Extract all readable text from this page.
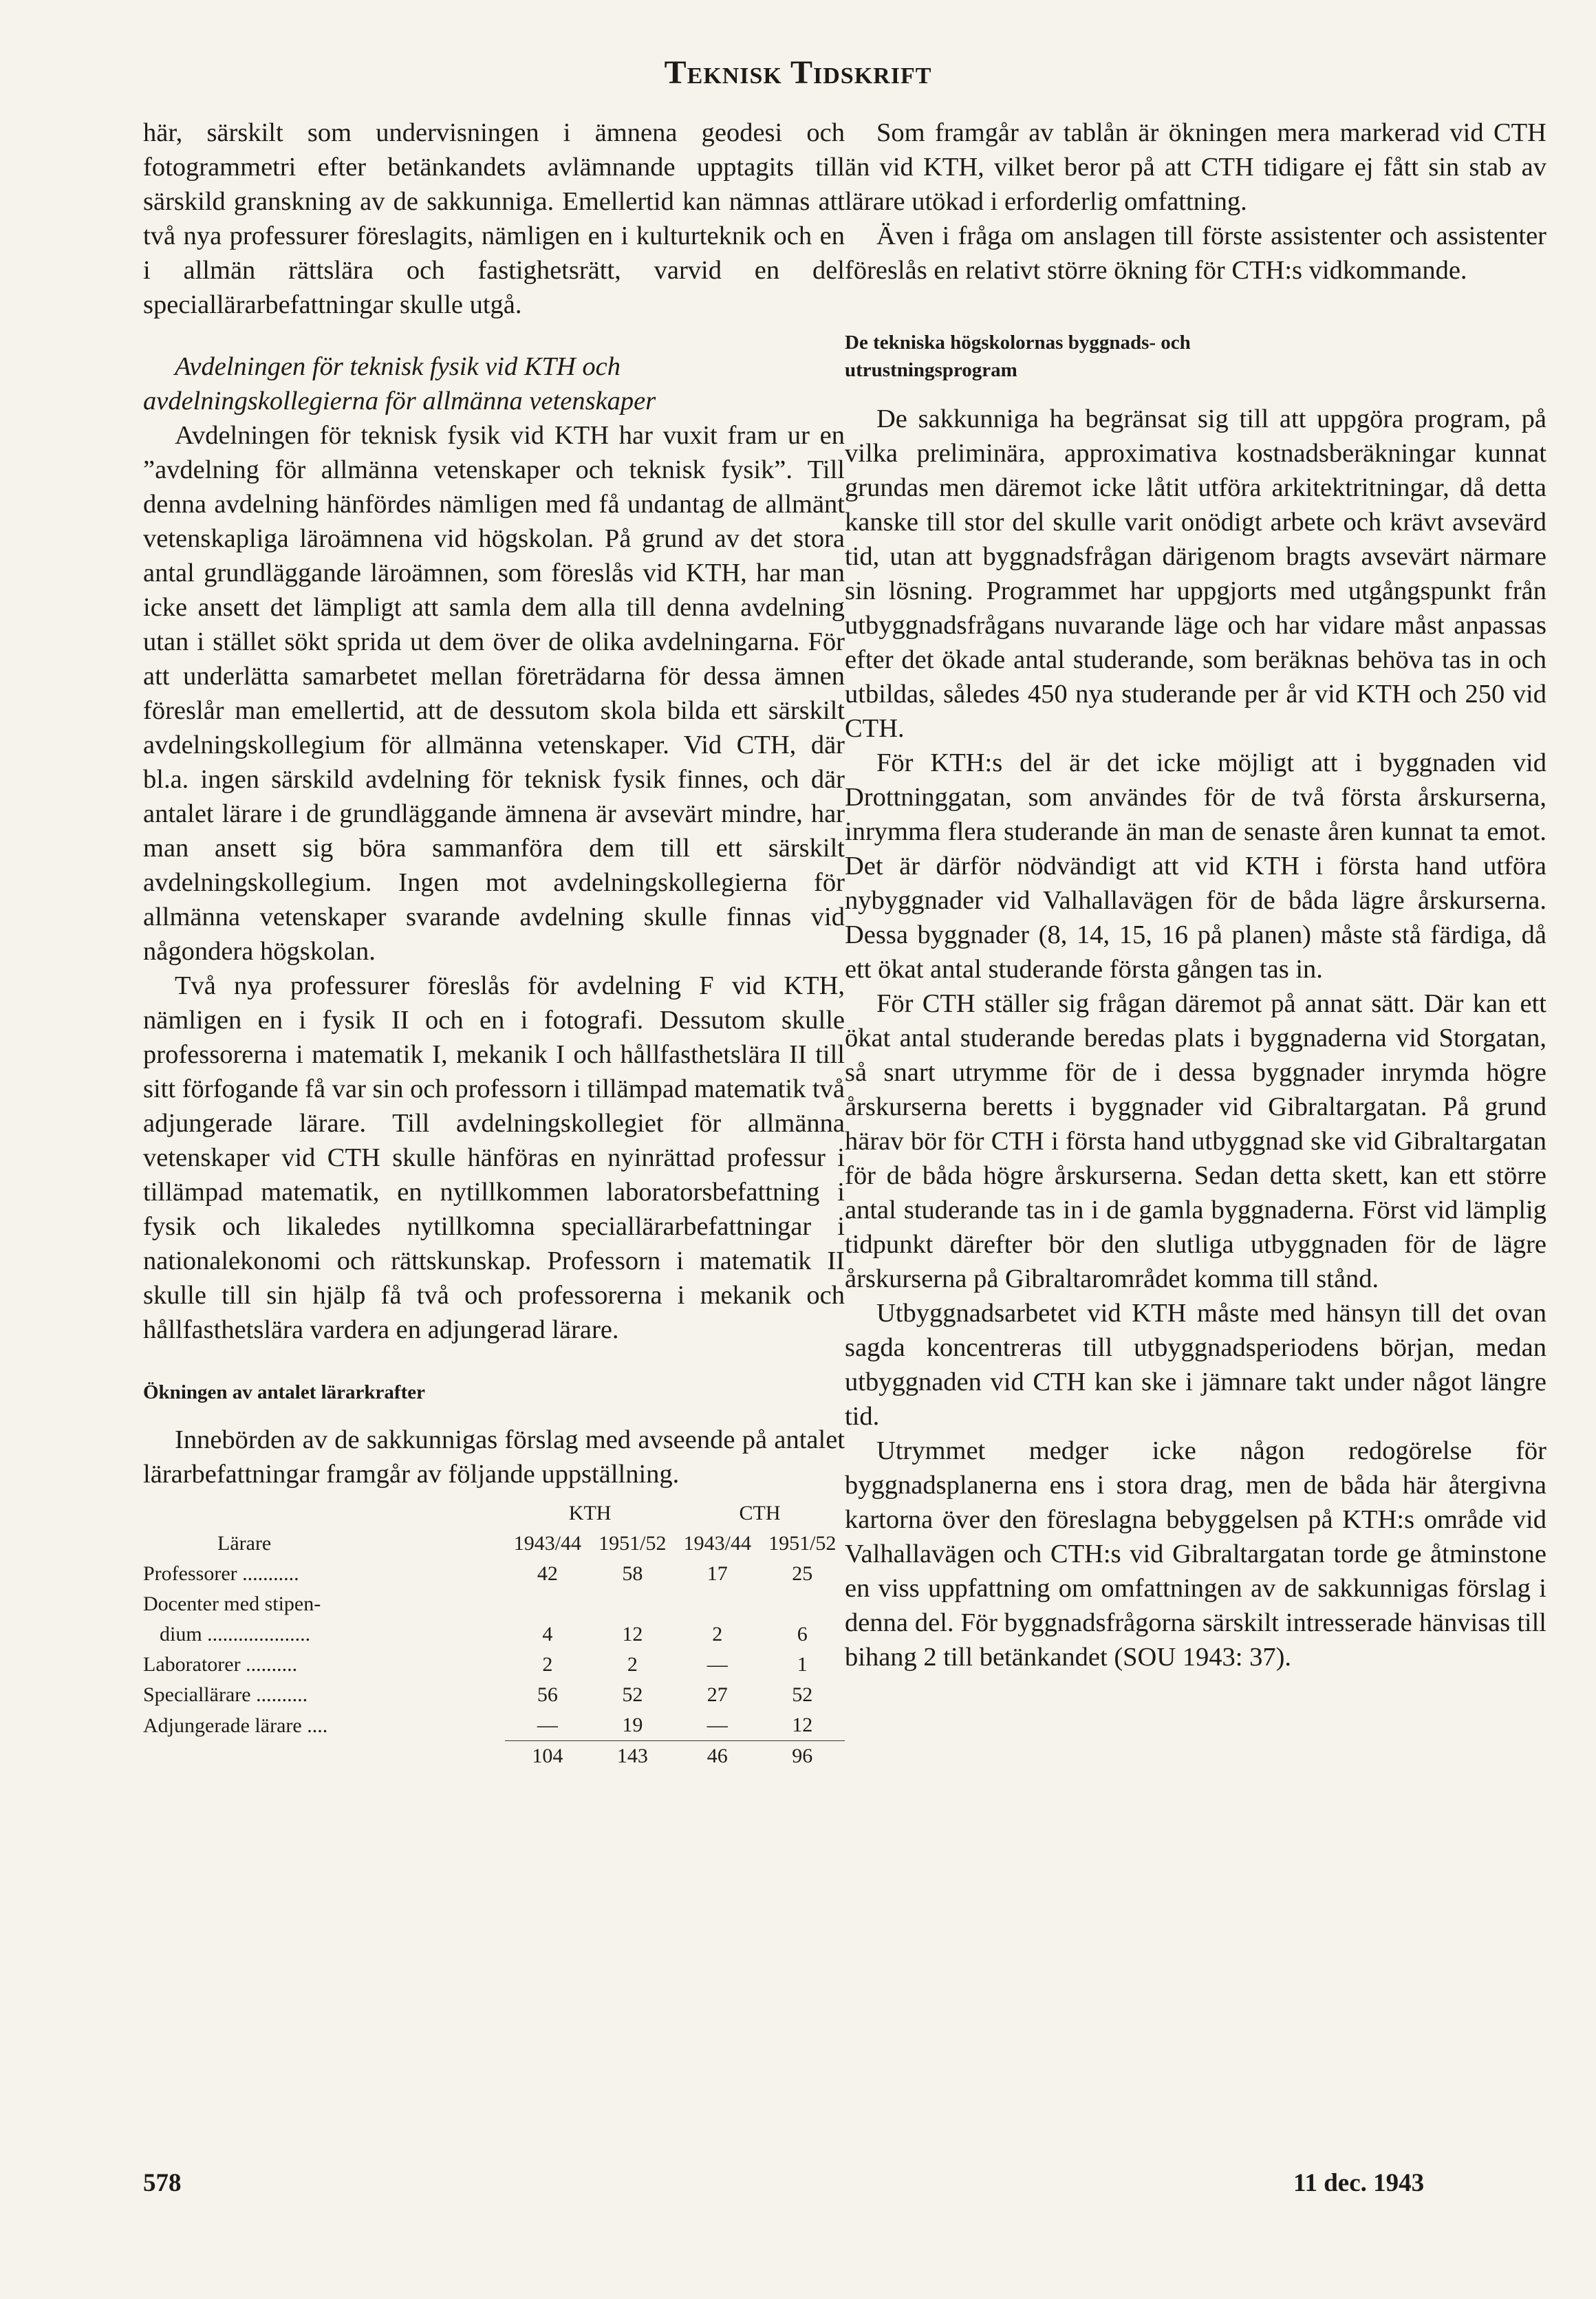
Teknisk Tidskrift

här, särskilt som undervisningen i ämnena geodesi och fotogrammetri efter betänkandets avlämnande upptagits till särskild granskning av de sakkunniga. Emellertid kan nämnas att två nya professurer föreslagits, nämligen en i kulturteknik och en i allmän rättslära och fastighetsrätt, varvid en del speciallärarbefattningar skulle utgå.

Avdelningen för teknisk fysik vid KTH och avdelningskollegierna för allmänna vetenskaper

Avdelningen för teknisk fysik vid KTH har vuxit fram ur en ”avdelning för allmänna vetenskaper och teknisk fysik”. Till denna avdelning hänfördes nämligen med få undantag de allmänt vetenskapliga läroämnena vid högskolan. På grund av det stora antal grundläggande läroämnen, som föreslås vid KTH, har man icke ansett det lämpligt att samla dem alla till denna avdelning utan i stället sökt sprida ut dem över de olika avdelningarna. För att underlätta samarbetet mellan företrädarna för dessa ämnen föreslår man emellertid, att de dessutom skola bilda ett särskilt avdelningskollegium för allmänna vetenskaper. Vid CTH, där bl.a. ingen särskild avdelning för teknisk fysik finnes, och där antalet lärare i de grundläggande ämnena är avsevärt mindre, har man ansett sig böra sammanföra dem till ett särskilt avdelningskollegium. Ingen mot avdelningskollegierna för allmänna vetenskaper svarande avdelning skulle finnas vid någondera högskolan.

Två nya professurer föreslås för avdelning F vid KTH, nämligen en i fysik II och en i fotografi. Dessutom skulle professorerna i matematik I, mekanik I och hållfasthetslära II till sitt förfogande få var sin och professorn i tillämpad matematik två adjungerade lärare. Till avdelningskollegiet för allmänna vetenskaper vid CTH skulle hänföras en nyinrättad professur i tillämpad matematik, en nytillkommen laboratorsbefattning i fysik och likaledes nytillkomna speciallärarbefattningar i nationalekonomi och rättskunskap. Professorn i matematik II skulle till sin hjälp få två och professorerna i mekanik och hållfasthetslära vardera en adjungerad lärare.

Ökningen av antalet lärarkrafter

Innebörden av de sakkunnigas förslag med avseende på antalet lärarbefattningar framgår av följande uppställning.

	KTH		CTH	
Lärare	1943/44	1951/52	1943/44	1951/52
Professorer ...........	42	58	17	25
Docenter med stipen-				
dium ....................	4	12	2	6
Laboratorer ..........	2	2	—	1
Speciallärare ..........	56	52	27	52
Adjungerade lärare ....	—	19	—	12
	104	143	46	96

Som framgår av tablån är ökningen mera markerad vid CTH än vid KTH, vilket beror på att CTH tidigare ej fått sin stab av lärare utökad i erforderlig omfattning.

Även i fråga om anslagen till förste assistenter och assistenter föreslås en relativt större ökning för CTH:s vidkommande.

De tekniska högskolornas byggnads- och utrustningsprogram

De sakkunniga ha begränsat sig till att uppgöra program, på vilka preliminära, approximativa kostnadsberäkningar kunnat grundas men däremot icke låtit utföra arkitektritningar, då detta kanske till stor del skulle varit onödigt arbete och krävt avsevärd tid, utan att byggnadsfrågan därigenom bragts avsevärt närmare sin lösning. Programmet har uppgjorts med utgångspunkt från utbyggnadsfrågans nuvarande läge och har vidare måst anpassas efter det ökade antal studerande, som beräknas behöva tas in och utbildas, således 450 nya studerande per år vid KTH och 250 vid CTH.

För KTH:s del är det icke möjligt att i byggnaden vid Drottninggatan, som användes för de två första årskurserna, inrymma flera studerande än man de senaste åren kunnat ta emot. Det är därför nödvändigt att vid KTH i första hand utföra nybyggnader vid Valhallavägen för de båda lägre årskurserna. Dessa byggnader (8, 14, 15, 16 på planen) måste stå färdiga, då ett ökat antal studerande första gången tas in.

För CTH ställer sig frågan däremot på annat sätt. Där kan ett ökat antal studerande beredas plats i byggnaderna vid Storgatan, så snart utrymme för de i dessa byggnader inrymda högre årskurserna beretts i byggnader vid Gibraltargatan. På grund härav bör för CTH i första hand utbyggnad ske vid Gibraltargatan för de båda högre årskurserna. Sedan detta skett, kan ett större antal studerande tas in i de gamla byggnaderna. Först vid lämplig tidpunkt därefter bör den slutliga utbyggnaden för de lägre årskurserna på Gibraltarområdet komma till stånd.

Utbyggnadsarbetet vid KTH måste med hänsyn till det ovan sagda koncentreras till utbyggnadsperiodens början, medan utbyggnaden vid CTH kan ske i jämnare takt under något längre tid.

Utrymmet medger icke någon redogörelse för byggnadsplanerna ens i stora drag, men de båda här återgivna kartorna över den föreslagna bebyggelsen på KTH:s område vid Valhallavägen och CTH:s vid Gibraltargatan torde ge åtminstone en viss uppfattning om omfattningen av de sakkunnigas förslag i denna del. För byggnadsfrågorna särskilt intresserade hänvisas till bihang 2 till betänkandet (SOU 1943: 37).

578	11 dec. 1943
